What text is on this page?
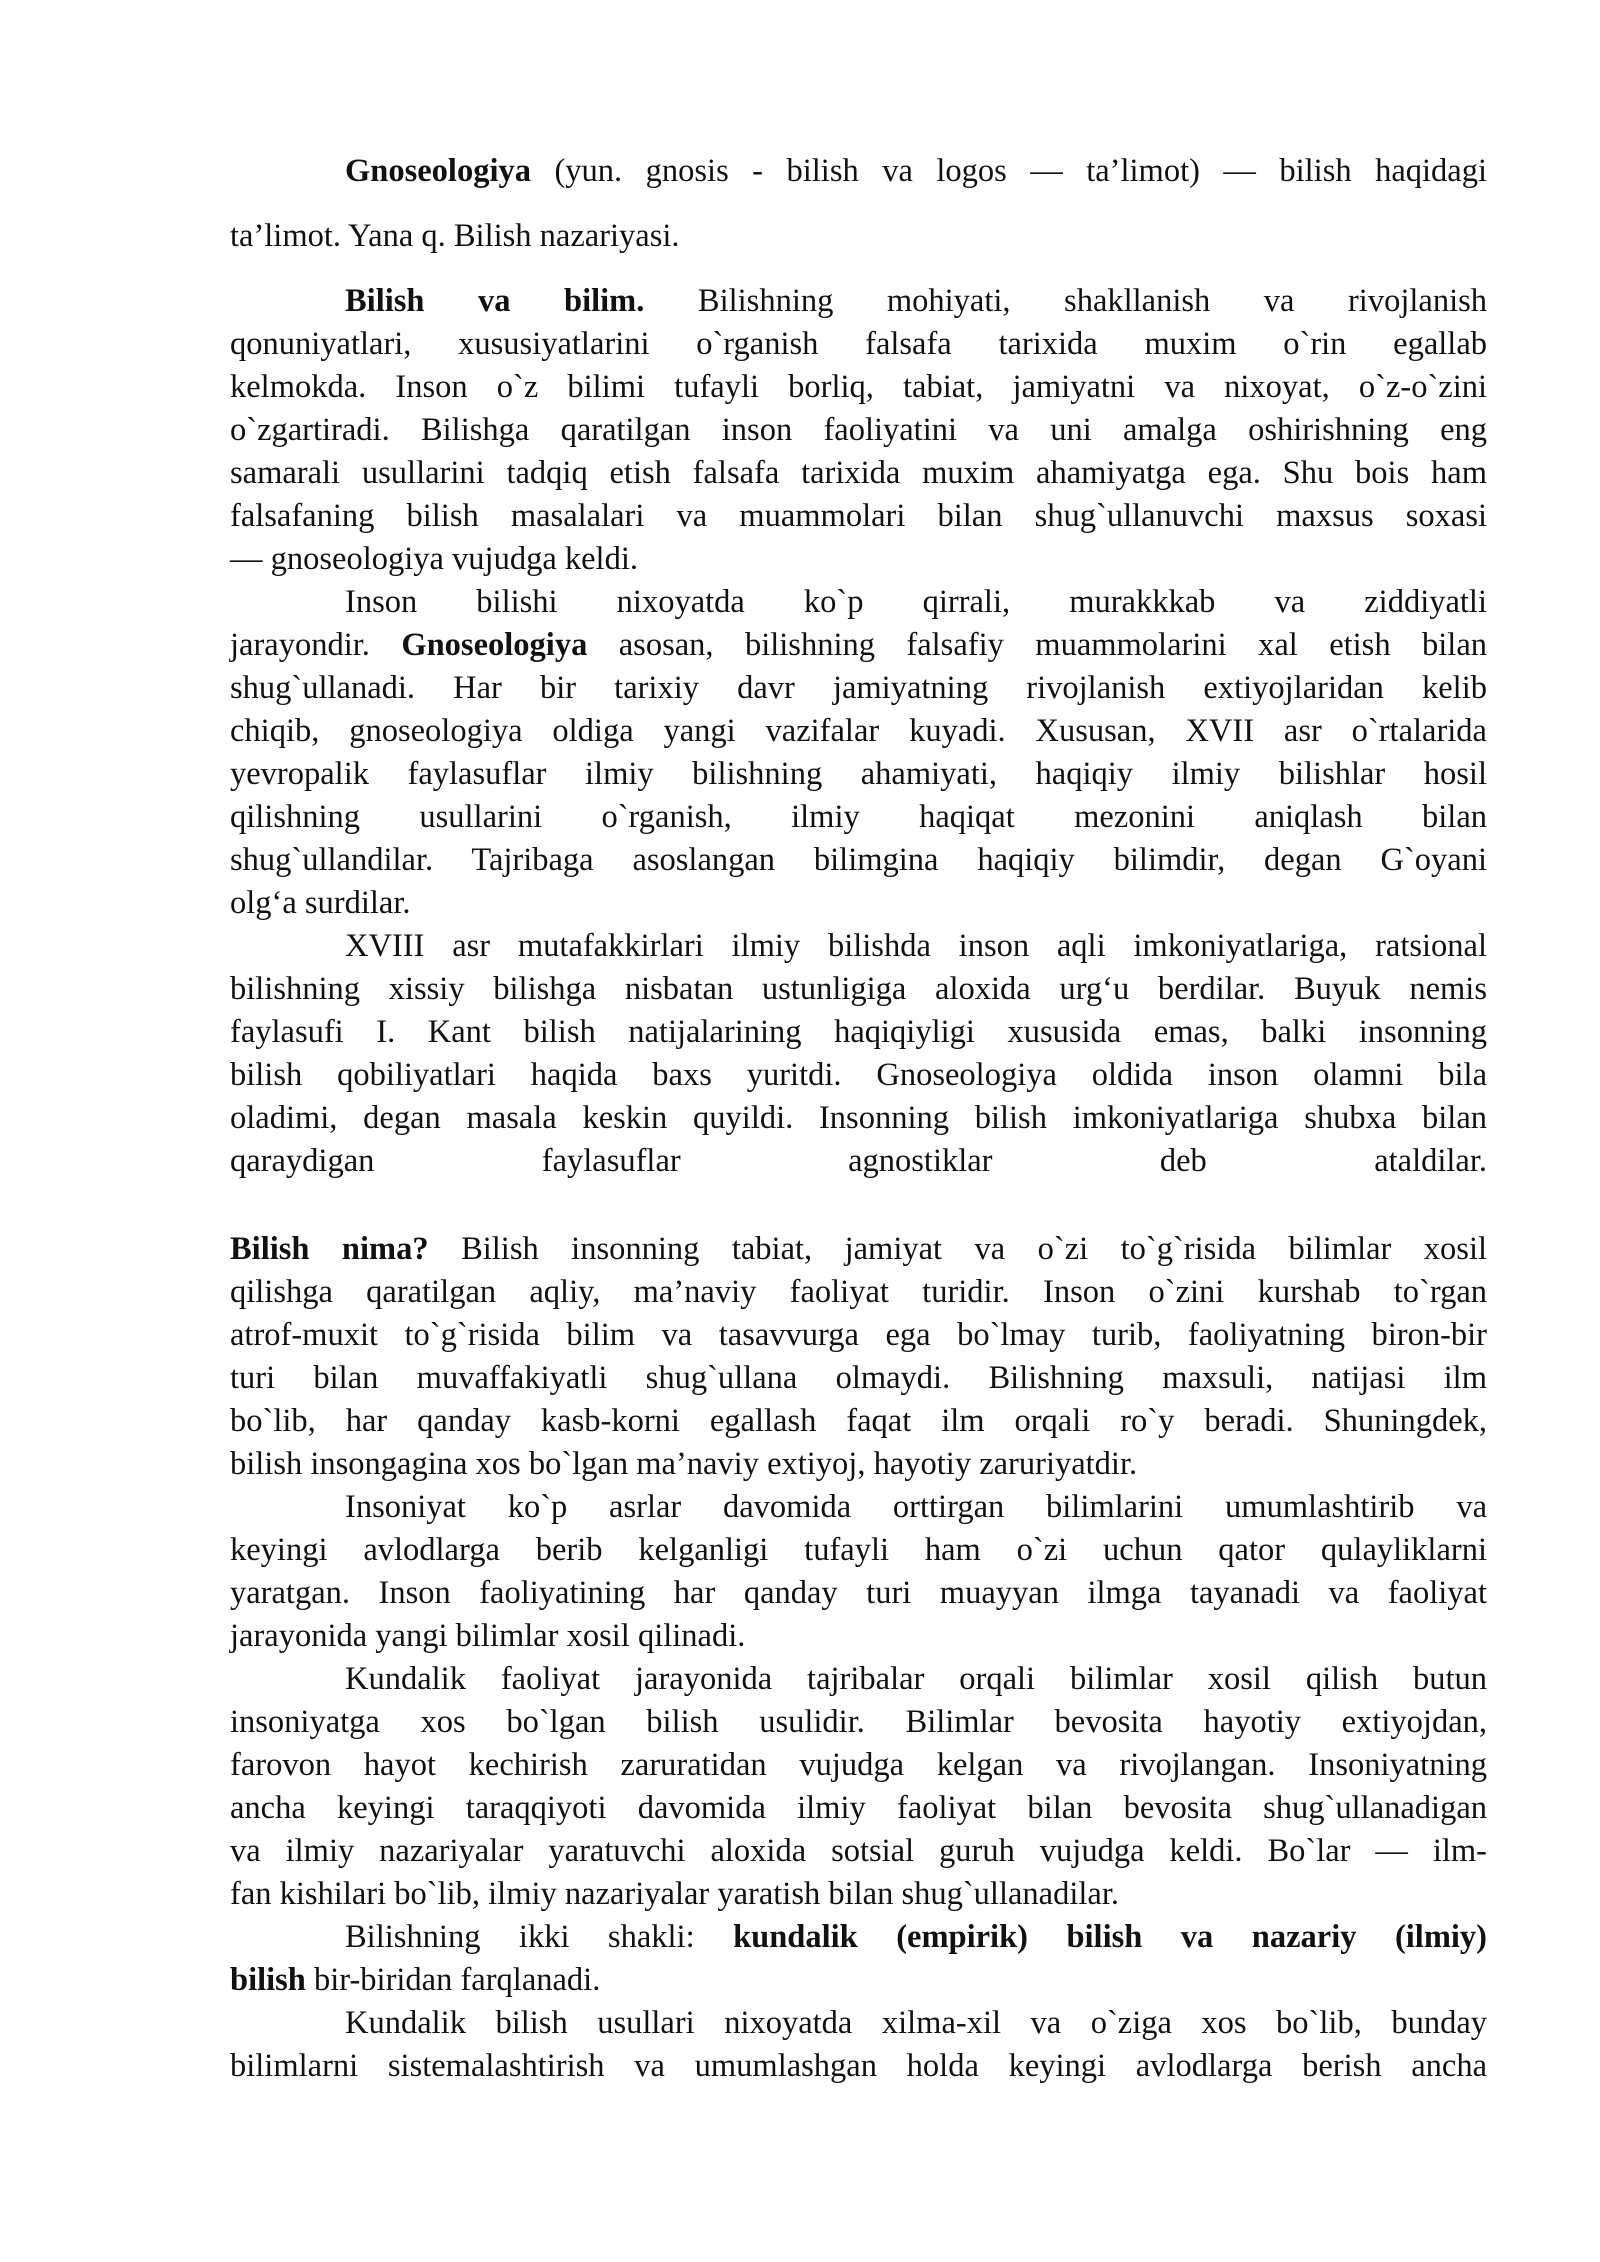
Gnoseologiya (yun. gnosis - bilish va logos — ta’limot) — bilish haqidagi
ta’limot. Yana q. Bilish nazariyasi.
Bilish va bilim. Bilishning mohiyati, shakllanish va rivojlanish
qonuniyatlari, xususiyatlarini o`rganish falsafa tarixida muxim o`rin egallab
kelmokda. Inson o`z bilimi tufayli borliq, tabiat, jamiyatni va nixoyat, o`z-o`zini
o`zgartiradi. Bilishga qaratilgan inson faoliyatini va uni amalga oshirishning eng
samarali usullarini tadqiq etish falsafa tarixida muxim ahamiyatga ega. Shu bois ham
falsafaning bilish masalalari va muammolari bilan shug`ullanuvchi maxsus soxasi
— gnoseologiya vujudga keldi.
Inson bilishi nixoyatda ko`p qirrali, murakkkab va ziddiyatli
jarayondir. Gnoseologiya asosan, bilishning falsafiy muammolarini xal etish bilan
shug`ullanadi. Har bir tarixiy davr jamiyatning rivojlanish extiyojlaridan kelib
chiqib, gnoseologiya oldiga yangi vazifalar kuyadi. Xususan, XVII asr o`rtalarida
yevropalik faylasuflar ilmiy bilishning ahamiyati, haqiqiy ilmiy bilishlar hosil
qilishning usullarini o`rganish, ilmiy haqiqat mezonini aniqlash bilan
shug`ullandilar. Tajribaga asoslangan bilimgina haqiqiy bilimdir, degan G`oyani
olg‘a surdilar.
XVIII asr mutafakkirlari ilmiy bilishda inson aqli imkoniyatlariga, ratsional
bilishning xissiy bilishga nisbatan ustunligiga aloxida urg‘u berdilar. Buyuk nemis
faylasufi I. Kant bilish natijalarining haqiqiyligi xususida emas, balki insonning
bilish qobiliyatlari haqida baxs yuritdi. Gnoseologiya oldida inson olamni bila
oladimi, degan masala keskin quyildi. Insonning bilish imkoniyatlariga shubxa bilan
qaraydigan faylasuflar agnostiklar deb ataldilar.
Bilish nima? Bilish insonning tabiat, jamiyat va o`zi to`g`risida bilimlar xosil
qilishga qaratilgan aqliy, ma’naviy faoliyat turidir. Inson o`zini kurshab to`rgan
atrof-muxit to`g`risida bilim va tasavvurga ega bo`lmay turib, faoliyatning biron-bir
turi bilan muvaffakiyatli shug`ullana olmaydi. Bilishning maxsuli, natijasi ilm
bo`lib, har qanday kasb-korni egallash faqat ilm orqali ro`y beradi. Shuningdek,
bilish insongagina xos bo`lgan ma’naviy extiyoj, hayotiy zaruriyatdir.
Insoniyat ko`p asrlar davomida orttirgan bilimlarini umumlashtirib va
keyingi avlodlarga berib kelganligi tufayli ham o`zi uchun qator qulayliklarni
yaratgan. Inson faoliyatining har qanday turi muayyan ilmga tayanadi va faoliyat
jarayonida yangi bilimlar xosil qilinadi.
Kundalik faoliyat jarayonida tajribalar orqali bilimlar xosil qilish butun
insoniyatga xos bo`lgan bilish usulidir. Bilimlar bevosita hayotiy extiyojdan,
farovon hayot kechirish zaruratidan vujudga kelgan va rivojlangan. Insoniyatning
ancha keyingi taraqqiyoti davomida ilmiy faoliyat bilan bevosita shug`ullanadigan
va ilmiy nazariyalar yaratuvchi aloxida sotsial guruh vujudga keldi. Bo`lar — ilm-
fan kishilari bo`lib, ilmiy nazariyalar yaratish bilan shug`ullanadilar.
Bilishning ikki shakli: kundalik (empirik) bilish va nazariy (ilmiy)
bilish bir-biridan farqlanadi.
Kundalik bilish usullari nixoyatda xilma-xil va o`ziga xos bo`lib, bunday
bilimlarni sistemalashtirish va umumlashgan holda keyingi avlodlarga berish ancha
